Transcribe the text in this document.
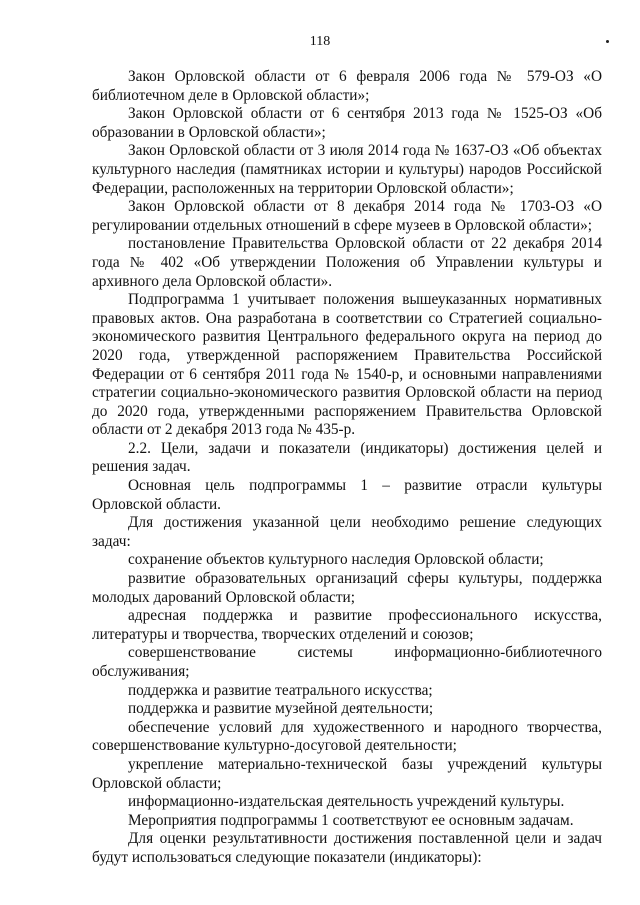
118

Закон Орловской области от 6 февраля 2006 года № 579-ОЗ «О библиотечном деле в Орловской области»;

Закон Орловской области от 6 сентября 2013 года № 1525-ОЗ «Об образовании в Орловской области»;

Закон Орловской области от 3 июля 2014 года № 1637-ОЗ «Об объектах культурного наследия (памятниках истории и культуры) народов Российской Федерации, расположенных на территории Орловской области»;

Закон Орловской области от 8 декабря 2014 года № 1703-ОЗ «О регулировании отдельных отношений в сфере музеев в Орловской области»;

постановление Правительства Орловской области от 22 декабря 2014 года № 402 «Об утверждении Положения об Управлении культуры и архивного дела Орловской области».

Подпрограмма 1 учитывает положения вышеуказанных нормативных правовых актов. Она разработана в соответствии со Стратегией социально-экономического развития Центрального федерального округа на период до 2020 года, утвержденной распоряжением Правительства Российской Федерации от 6 сентября 2011 года № 1540-р, и основными направлениями стратегии социально-экономического развития Орловской области на период до 2020 года, утвержденными распоряжением Правительства Орловской области от 2 декабря 2013 года № 435-р.

2.2. Цели, задачи и показатели (индикаторы) достижения целей и решения задач.

Основная цель подпрограммы 1 – развитие отрасли культуры Орловской области.

Для достижения указанной цели необходимо решение следующих задач:

сохранение объектов культурного наследия Орловской области;

развитие образовательных организаций сферы культуры, поддержка молодых дарований Орловской области;

адресная поддержка и развитие профессионального искусства, литературы и творчества, творческих отделений и союзов;

совершенствование системы информационно-библиотечного обслуживания;

поддержка и развитие театрального искусства;

поддержка и развитие музейной деятельности;

обеспечение условий для художественного и народного творчества, совершенствование культурно-досуговой деятельности;

укрепление материально-технической базы учреждений культуры Орловской области;

информационно-издательская деятельность учреждений культуры.

Мероприятия подпрограммы 1 соответствуют ее основным задачам.

Для оценки результативности достижения поставленной цели и задач будут использоваться следующие показатели (индикаторы):
